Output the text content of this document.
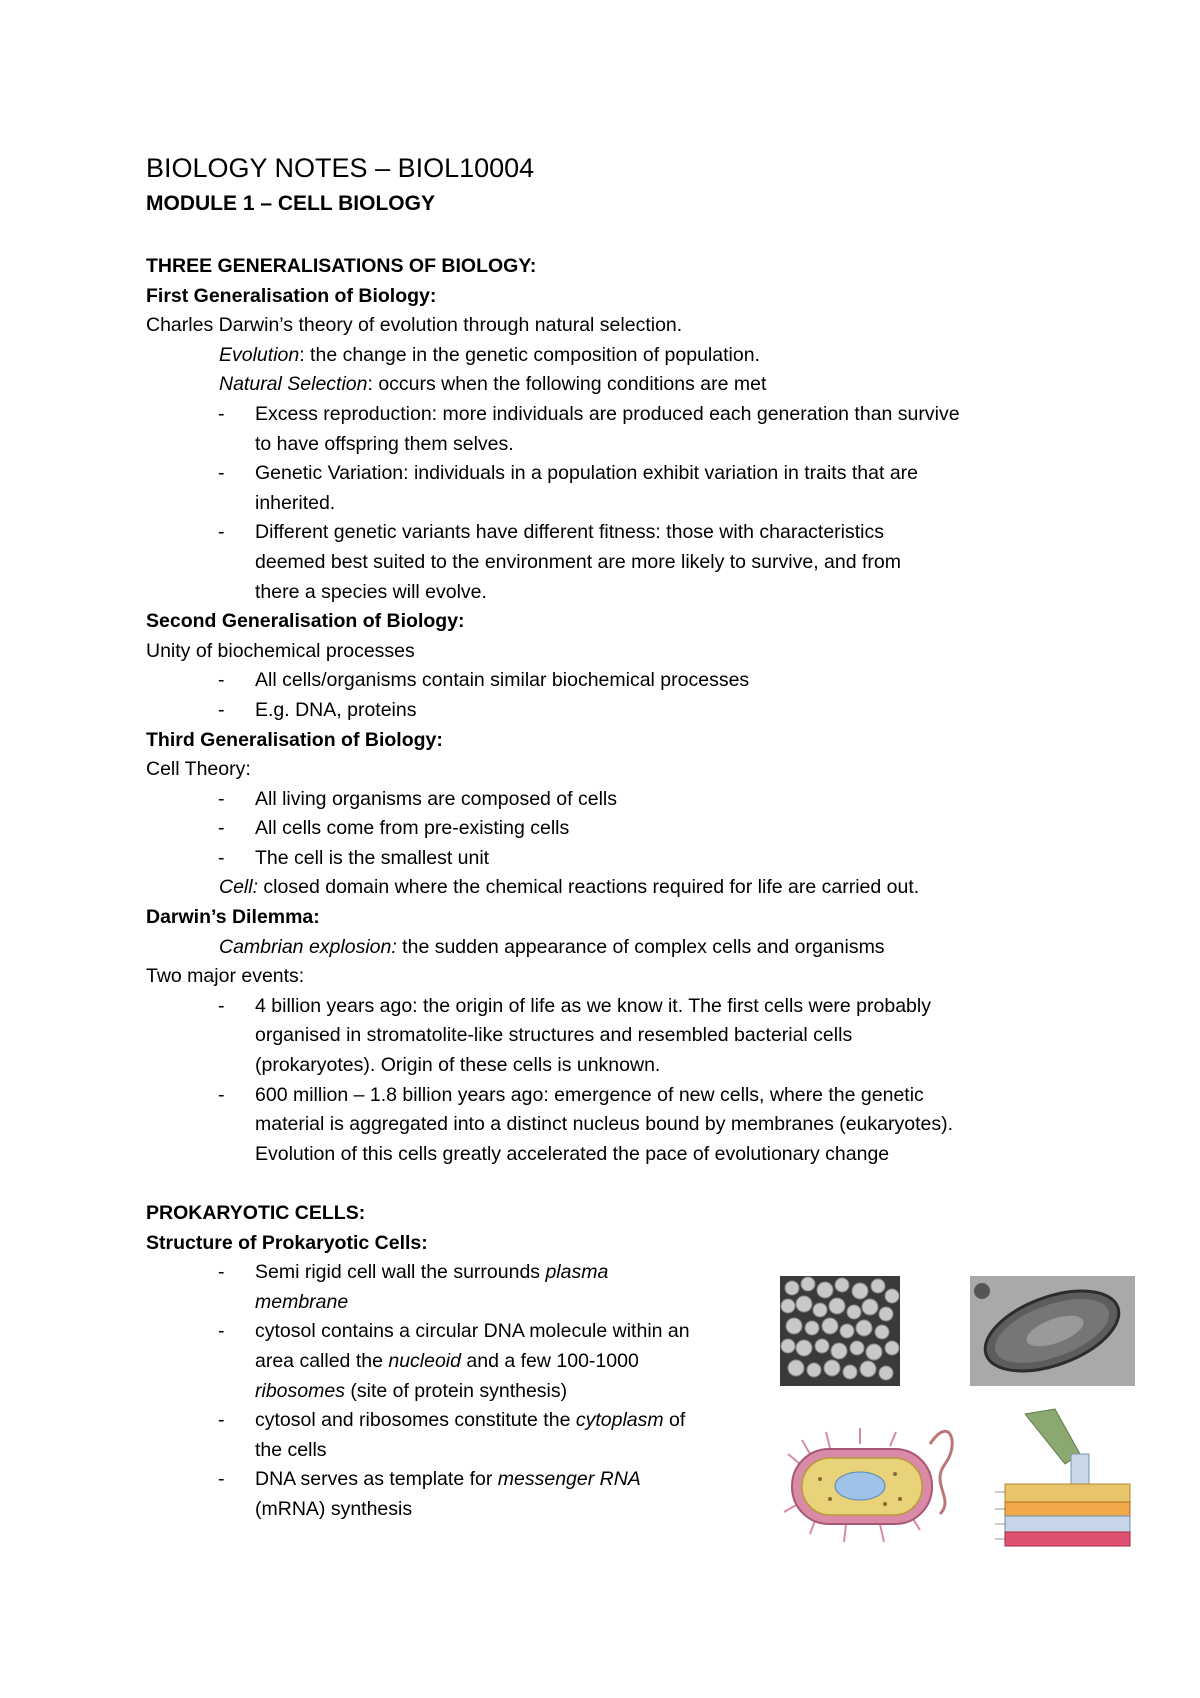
BIOLOGY NOTES – BIOL10004
MODULE 1 – CELL BIOLOGY
THREE GENERALISATIONS OF BIOLOGY:
First Generalisation of Biology:
Charles Darwin’s theory of evolution through natural selection.
Evolution: the change in the genetic composition of population.
Natural Selection: occurs when the following conditions are met
- Excess reproduction: more individuals are produced each generation than survive
to have offspring them selves.
- Genetic Variation: individuals in a population exhibit variation in traits that are
inherited.
- Different genetic variants have different fitness: those with characteristics
deemed best suited to the environment are more likely to survive, and from
there a species will evolve.
Second Generalisation of Biology:
Unity of biochemical processes
- All cells/organisms contain similar biochemical processes
- E.g. DNA, proteins
Third Generalisation of Biology:
Cell Theory:
- All living organisms are composed of cells
- All cells come from pre-existing cells
- The cell is the smallest unit
Cell: closed domain where the chemical reactions required for life are carried out.
Darwin’s Dilemma:
Cambrian explosion: the sudden appearance of complex cells and organisms
Two major events:
- 4 billion years ago: the origin of life as we know it. The first cells were probably
organised in stromatolite-like structures and resembled bacterial cells
(prokaryotes). Origin of these cells is unknown.
- 600 million – 1.8 billion years ago: emergence of new cells, where the genetic
material is aggregated into a distinct nucleus bound by membranes (eukaryotes).
Evolution of this cells greatly accelerated the pace of evolutionary change
PROKARYOTIC CELLS:
Structure of Prokaryotic Cells:
- Semi rigid cell wall the surrounds plasma
membrane
- cytosol contains a circular DNA molecule within an
area called the nucleoid and a few 100-1000
ribosomes (site of protein synthesis)
- cytosol and ribosomes constitute the cytoplasm of
the cells
- DNA serves as template for messenger RNA
(mRNA) synthesis
